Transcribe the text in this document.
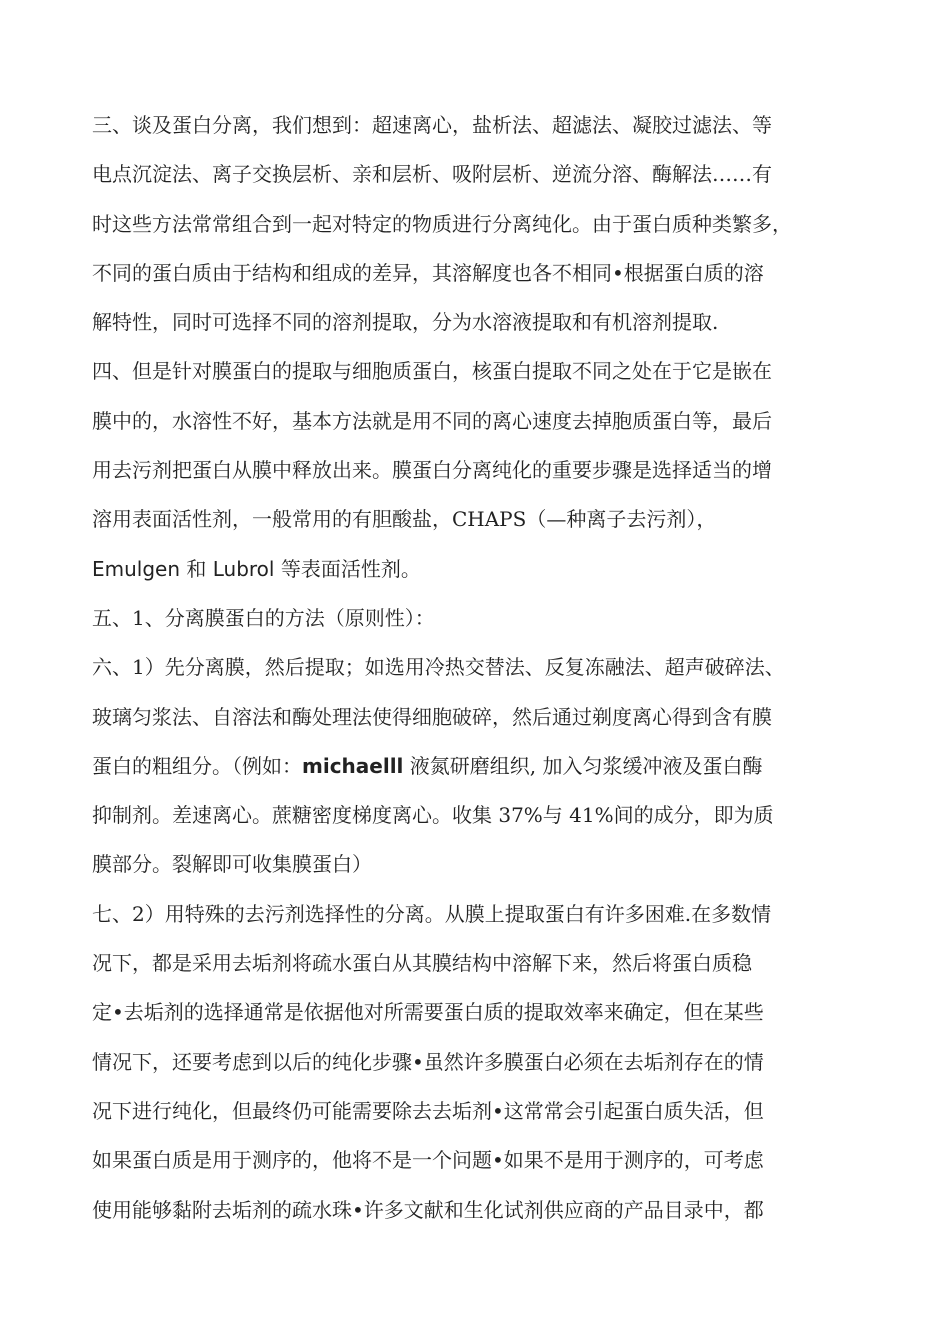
三、谈及蛋白分离，我们想到：超速离心，盐析法、超滤法、凝胶过滤法、等
电点沉淀法、离子交换层析、亲和层析、吸附层析、逆流分溶、酶解法……有
时这些方法常常组合到一起对特定的物质进行分离纯化。由于蛋白质种类繁多，
不同的蛋白质由于结构和组成的差异，其溶解度也各不相同•根据蛋白质的溶
解特性，同时可选择不同的溶剂提取，分为水溶液提取和有机溶剂提取.
四、但是针对膜蛋白的提取与细胞质蛋白，核蛋白提取不同之处在于它是嵌在
膜中的，水溶性不好，基本方法就是用不同的离心速度去掉胞质蛋白等，最后
用去污剂把蛋白从膜中释放出来。膜蛋白分离纯化的重要步骤是选择适当的增
溶用表面活性剂，一般常用的有胆酸盐，CHAPS（—种离子去污剂），
Emulgen 和 Lubrol 等表面活性剂。
五、1、分离膜蛋白的方法（原则性）：
六、1）先分离膜，然后提取；如选用冷热交替法、反复冻融法、超声破碎法、
玻璃匀浆法、自溶法和酶处理法使得细胞破碎，然后通过剃度离心得到含有膜
蛋白的粗组分。（例如：michaelll 液氮研磨组织, 加入匀浆缓冲液及蛋白酶
抑制剂。差速离心。蔗糖密度梯度离心。收集 37%与 41%间的成分，即为质
膜部分。裂解即可收集膜蛋白）
七、2）用特殊的去污剂选择性的分离。从膜上提取蛋白有许多困难.在多数情
况下，都是采用去垢剂将疏水蛋白从其膜结构中溶解下来，然后将蛋白质稳
定•去垢剂的选择通常是依据他对所需要蛋白质的提取效率来确定，但在某些
情况下，还要考虑到以后的纯化步骤•虽然许多膜蛋白必须在去垢剂存在的情
况下进行纯化，但最终仍可能需要除去去垢剂•这常常会引起蛋白质失活，但
如果蛋白质是用于测序的，他将不是一个问题•如果不是用于测序的，可考虑
使用能够黏附去垢剂的疏水珠•许多文献和生化试剂供应商的产品目录中，都
